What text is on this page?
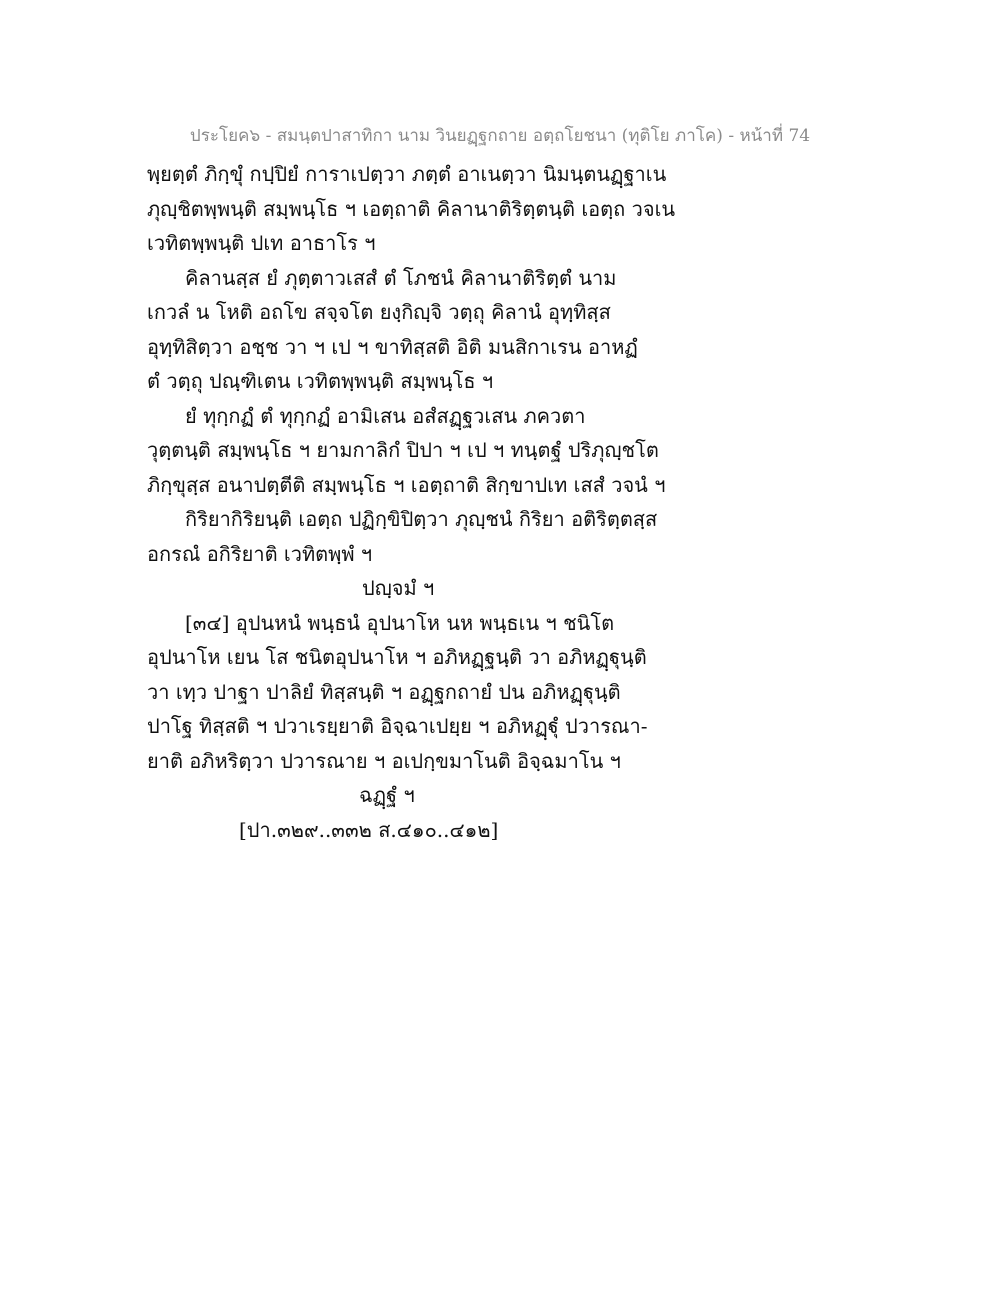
ประโยค๖ - สมนฺตปาสาทิกา นาม วินยฏฺฐกถาย อตฺถโยชนา (ทุติโย ภาโค) - หน้าที่ 74
พฺยตฺตํ ภิกฺขุํ กปฺปิยํ การาเปตฺวา ภตฺตํ อาเนตฺวา นิมนฺตนฏฺฐาเน
ภุญฺชิตพฺพนฺติ สมฺพนฺโธ ฯ เอตฺถาติ คิลานาติริตฺตนฺติ เอตฺถ วจเน
เวทิตพฺพนฺติ ปเท อาธาโร ฯ
คิลานสฺส ยํ ภุตฺตาวเสสํ ตํ โภชนํ คิลานาติริตฺตํ นาม
เกวลํ น โหติ อถโข สจฺจโต ยงฺกิญฺจิ วตฺถุ คิลานํ อุทฺทิสฺส
อุทฺทิสิตฺวา อชฺช วา ฯ เป ฯ ขาทิสฺสติ อิติ มนสิกาเรน อาหฏํ
ตํ วตฺถุ ปณฺฑิเตน เวทิตพฺพนฺติ สมฺพนฺโธ ฯ
ยํ ทุกฺกฏํ ตํ ทุกฺกฏํ อามิเสน อสํสฏฺฐวเสน ภควตา
วุตฺตนฺติ สมฺพนฺโธ ฯ ยามกาลิกํ ปิปา ฯ เป ฯ ทนฺตฐํ ปริภุญฺชโต
ภิกฺขุสฺส อนาปตฺตีติ สมฺพนฺโธ ฯ เอตฺถาติ สิกฺขาปเท เสสํ วจนํ ฯ
กิริยากิริยนฺติ เอตฺถ ปฏิกฺขิปิตฺวา ภุญฺชนํ กิริยา อติริตฺตสฺส
อกรณํ อกิริยาติ เวทิตพฺพํ ฯ
ปญฺจมํ ฯ
[๓๔] อุปนหนํ พนฺธนํ อุปนาโห นห พนฺธเน ฯ ชนิโต
อุปนาโห เยน โส ชนิตอุปนาโห ฯ อภิหฏฺฐนฺติ วา อภิหฏฺฐุนฺติ
วา เทฺว ปาฐา ปาลิยํ ทิสฺสนฺติ ฯ อฏฺฐกถายํ ปน อภิหฏฺฐุนฺติ
ปาโฐ ทิสฺสติ ฯ ปวาเรยฺยาติ อิจฺฉาเปยฺย ฯ อภิหฏฺฐุํ ปวารณา-
ยาติ อภิหริตฺวา ปวารณาย ฯ อเปกฺขมาโนติ อิจฺฉมาโน ฯ
ฉฏฺฐํ ฯ
[ปา.๓๒๙..๓๓๒ ส.๔๑๐..๔๑๒]
